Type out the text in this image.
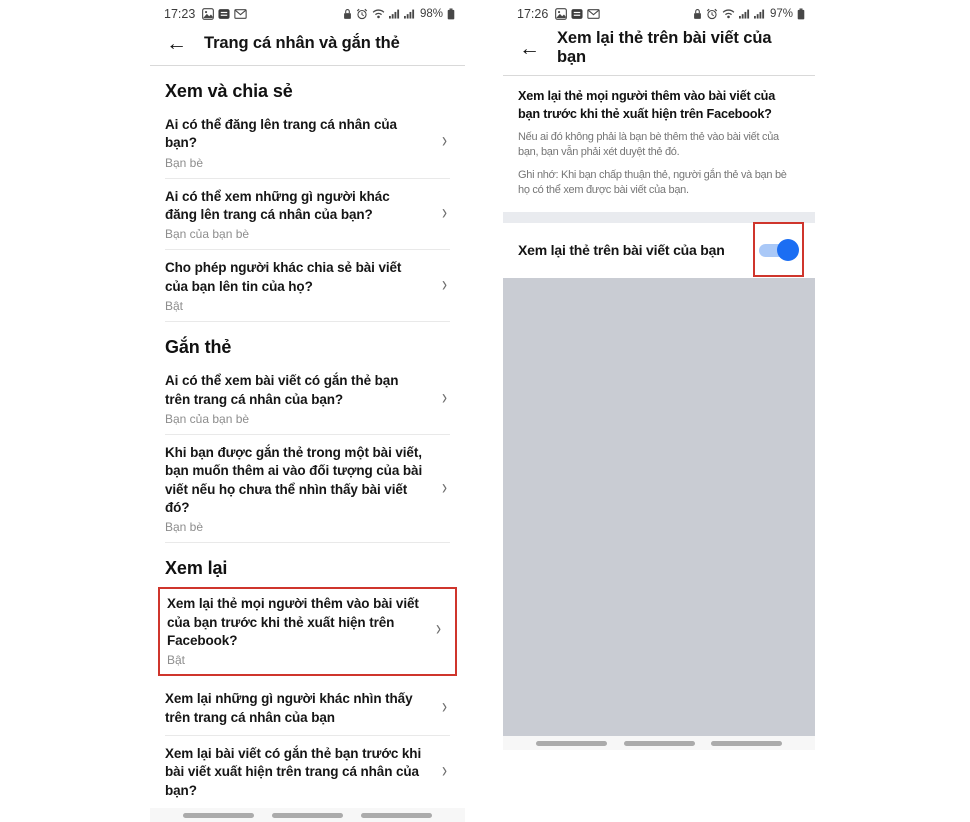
17:23	98%
←
Trang cá nhân và gắn thẻ
Xem và chia sẻ
Ai có thể đăng lên trang cá nhân của bạn?
Bạn bè
›
Ai có thể xem những gì người khác đăng lên trang cá nhân của bạn?
Bạn của bạn bè
›
Cho phép người khác chia sẻ bài viết của bạn lên tin của họ?
Bật
›
Gắn thẻ
Ai có thể xem bài viết có gắn thẻ bạn trên trang cá nhân của bạn?
Bạn của bạn bè
›
Khi bạn được gắn thẻ trong một bài viết, bạn muốn thêm ai vào đối tượng của bài viết nếu họ chưa thể nhìn thấy bài viết đó?
Bạn bè
›
Xem lại
Xem lại thẻ mọi người thêm vào bài viết của bạn trước khi thẻ xuất hiện trên Facebook?
Bật
›
Xem lại những gì người khác nhìn thấy trên trang cá nhân của bạn
›
Xem lại bài viết có gắn thẻ bạn trước khi bài viết xuất hiện trên trang cá nhân của bạn?
›
17:26	97%
←
Xem lại thẻ trên bài viết của bạn
Xem lại thẻ mọi người thêm vào bài viết của bạn trước khi thẻ xuất hiện trên Facebook?
Nếu ai đó không phải là bạn bè thêm thẻ vào bài viết của bạn, bạn vẫn phải xét duyệt thẻ đó.
Ghi nhớ: Khi bạn chấp thuận thẻ, người gắn thẻ và bạn bè họ có thể xem được bài viết của bạn.
Xem lại thẻ trên bài viết của bạn
